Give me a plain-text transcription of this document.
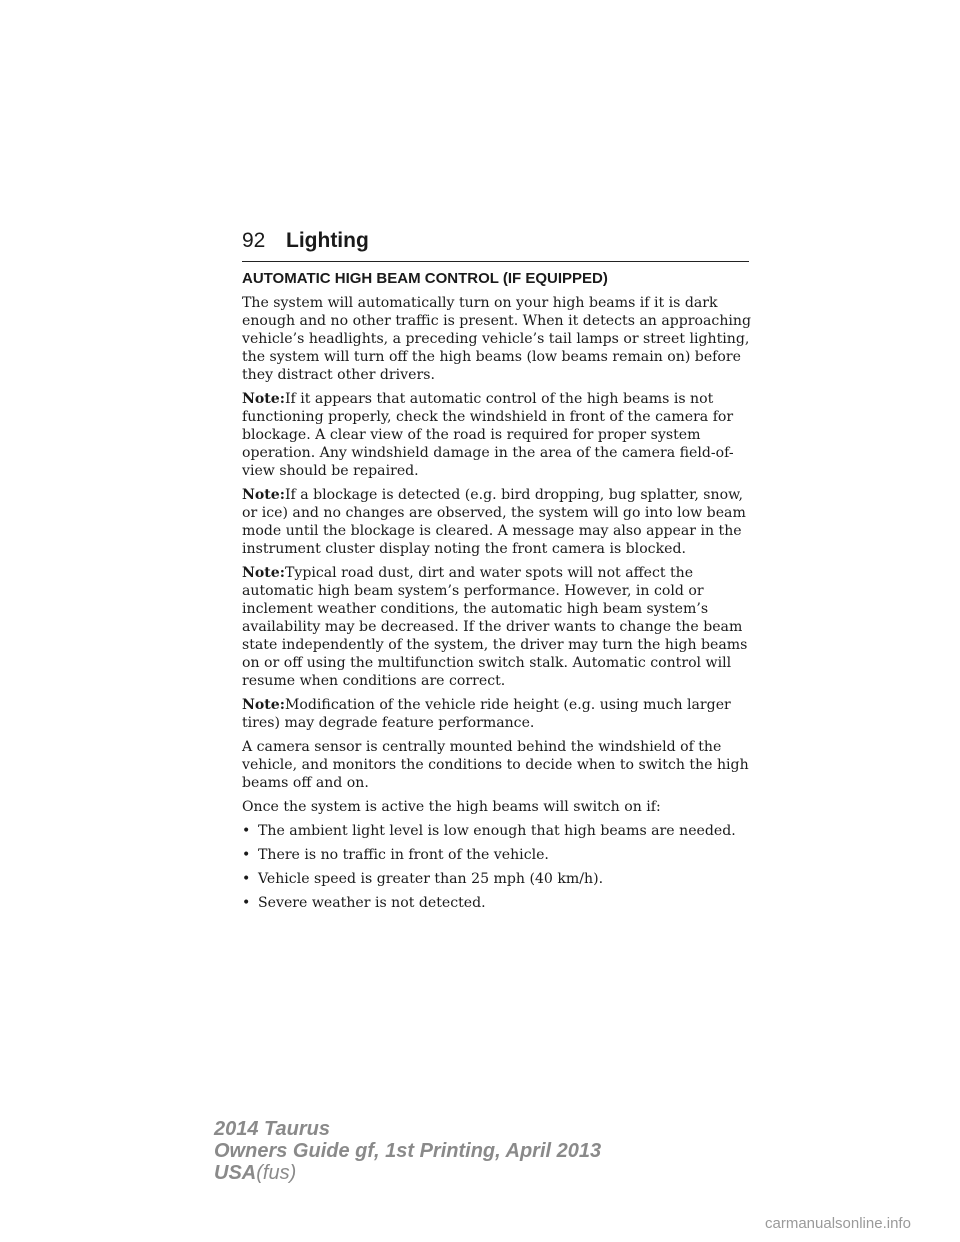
92 Lighting
AUTOMATIC HIGH BEAM CONTROL (IF EQUIPPED)

The system will automatically turn on your high beams if it is dark enough and no other traffic is present. When it detects an approaching vehicle’s headlights, a preceding vehicle’s tail lamps or street lighting, the system will turn off the high beams (low beams remain on) before they distract other drivers.

Note:If it appears that automatic control of the high beams is not functioning properly, check the windshield in front of the camera for blockage. A clear view of the road is required for proper system operation. Any windshield damage in the area of the camera field-of-view should be repaired.

Note:If a blockage is detected (e.g. bird dropping, bug splatter, snow, or ice) and no changes are observed, the system will go into low beam mode until the blockage is cleared. A message may also appear in the instrument cluster display noting the front camera is blocked.

Note:Typical road dust, dirt and water spots will not affect the automatic high beam system’s performance. However, in cold or inclement weather conditions, the automatic high beam system’s availability may be decreased. If the driver wants to change the beam state independently of the system, the driver may turn the high beams on or off using the multifunction switch stalk. Automatic control will resume when conditions are correct.

Note:Modification of the vehicle ride height (e.g. using much larger tires) may degrade feature performance.

A camera sensor is centrally mounted behind the windshield of the vehicle, and monitors the conditions to decide when to switch the high beams off and on.

Once the system is active the high beams will switch on if:

• The ambient light level is low enough that high beams are needed.
• There is no traffic in front of the vehicle.
• Vehicle speed is greater than 25 mph (40 km/h).
• Severe weather is not detected.
2014 Taurus
Owners Guide gf, 1st Printing, April 2013
USA(fus)
carmanualsonline.info
